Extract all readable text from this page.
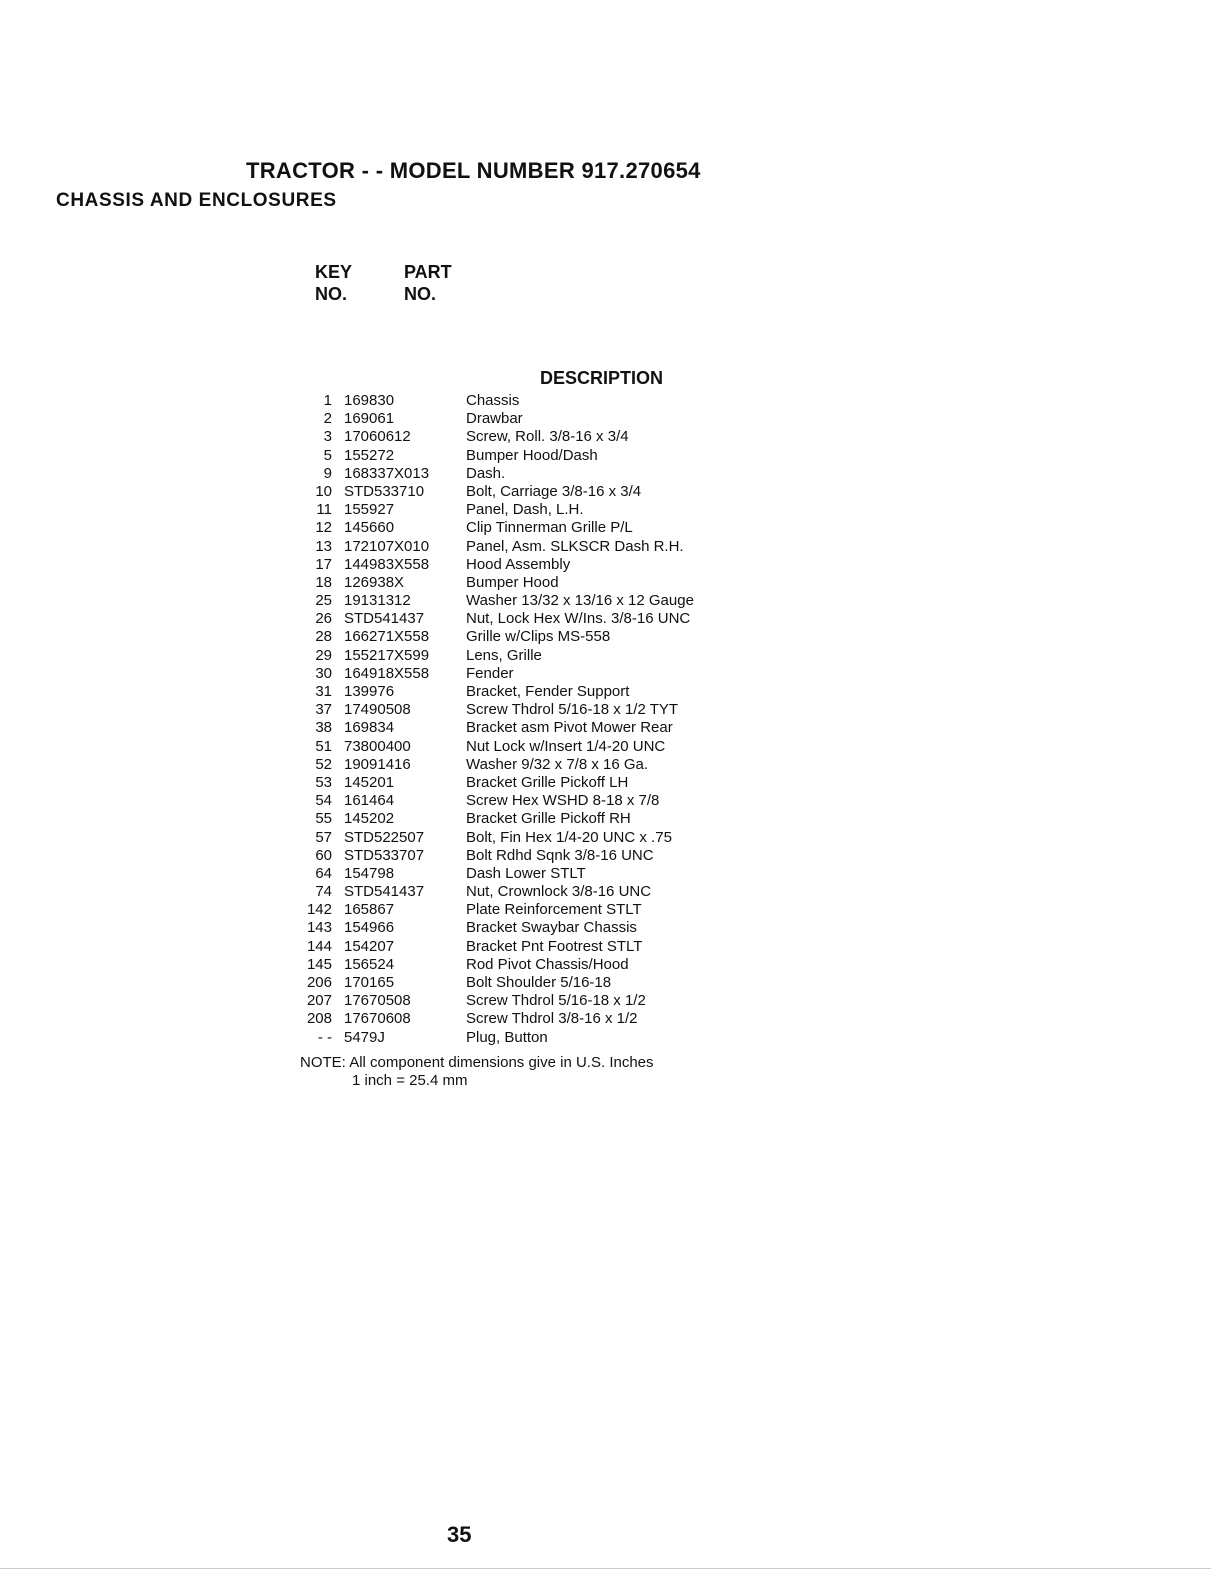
TRACTOR - - MODEL NUMBER 917.270654
CHASSIS AND ENCLOSURES
KEY
NO.
PART
NO.
DESCRIPTION
1 169830	Chassis
2 169061	Drawbar
3 17060612	Screw, Roll. 3/8-16 x 3/4
5 155272	Bumper Hood/Dash
9 168337X013 Dash.
10 STD533710	Bolt, Carriage 3/8-16 x 3/4
11 155927	Panel, Dash, L.H.
12 145660	Clip Tinnerman Grille P/L
13 172107X010 Panel, Asm. SLKSCR Dash R.H.
17 144983X558 Hood Assembly
18 126938X	Bumper Hood
25 19131312	Washer 13/32 x 13/16 x 12 Gauge
26 STD541437	Nut, Lock Hex W/Ins. 3/8-16 UNC
28 166271X558 Grille w/Clips MS-558
29 155217X599 Lens, Grille
30 164918X558 Fender
31 139976	Bracket, Fender Support
37 17490508	Screw Thdrol 5/16-18 x 1/2 TYT
38 169834	Bracket asm Pivot Mower Rear
51 73800400	Nut Lock w/Insert 1/4-20 UNC
52 19091416	Washer 9/32 x 7/8 x 16 Ga.
53 145201	Bracket Grille Pickoff LH
54 161464	Screw Hex WSHD 8-18 x 7/8
55 145202	Bracket Grille Pickoff RH
57 STD522507	Bolt, Fin Hex 1/4-20 UNC x .75
60 STD533707	Bolt Rdhd Sqnk 3/8-16 UNC
64 154798	Dash Lower STLT
74 STD541437	Nut, Crownlock 3/8-16 UNC
142 165867	Plate Reinforcement STLT
143 154966	Bracket Swaybar Chassis
144 154207	Bracket Pnt Footrest STLT
145 156524	Rod Pivot Chassis/Hood
206 170165	Bolt Shoulder 5/16-18
207 17670508	Screw Thdrol 5/16-18 x 1/2
208 17670608	Screw Thdrol 3/8-16 x 1/2
- - 5479J	Plug, Button
NOTE: All component dimensions give in U.S. Inches
1 inch = 25.4 mm
35
